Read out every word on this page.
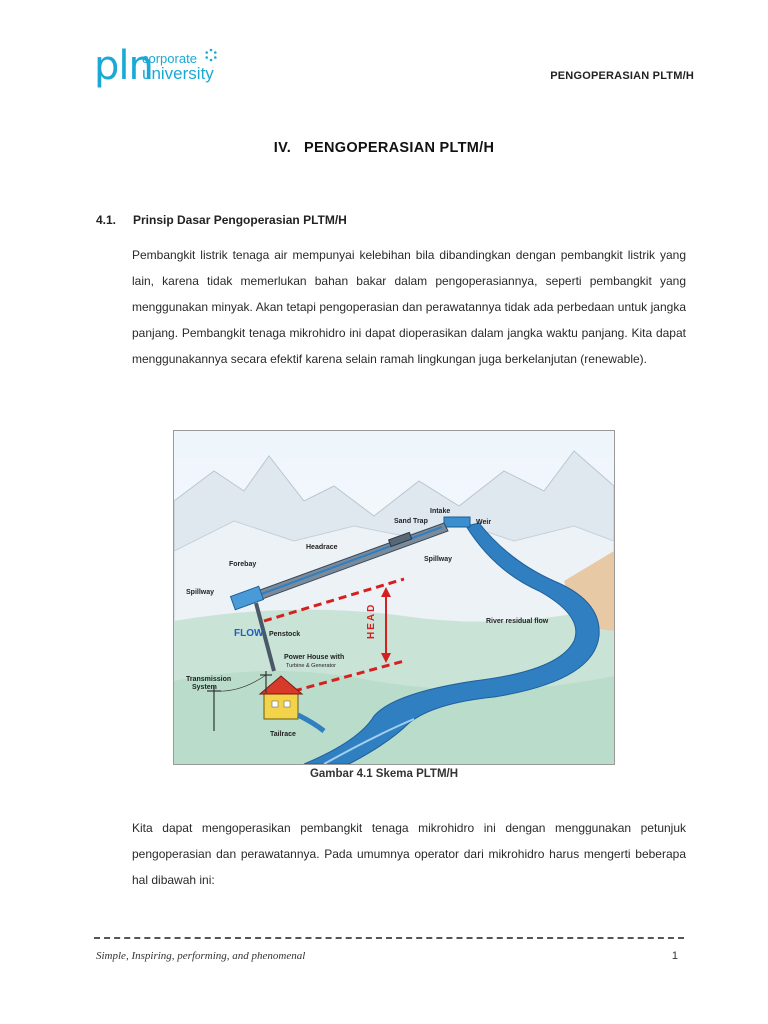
pln
corporate
university	PENGOPERASIAN PLTM/H
IV.   PENGOPERASIAN PLTM/H
4.1. Prinsip Dasar Pengoperasian PLTM/H
Pembangkit listrik tenaga air mempunyai kelebihan bila dibandingkan dengan pembangkit listrik yang lain, karena tidak memerlukan bahan bakar dalam pengoperasiannya, seperti pembangkit yang menggunakan minyak. Akan tetapi pengoperasian dan perawatannya tidak ada perbedaan untuk jangka panjang. Pembangkit tenaga mikrohidro ini dapat dioperasikan dalam jangka waktu panjang. Kita dapat menggunakannya secara efektif karena selain ramah lingkungan juga berkelanjutan (renewable).
Intake
Sand Trap	Weir
Headrace
Forebay
Spillway
Spillway
HEAD
FLOW Penstock
River residual flow
Power House with
Turbine & Generator
Transmission
System
Tailrace
Gambar 4.1 Skema PLTM/H
Kita dapat mengoperasikan pembangkit tenaga mikrohidro ini dengan menggunakan petunjuk pengoperasian dan perawatannya. Pada umumnya operator dari mikrohidro harus mengerti beberapa hal dibawah ini:
Simple, Inspiring, performing, and phenomenal	1
